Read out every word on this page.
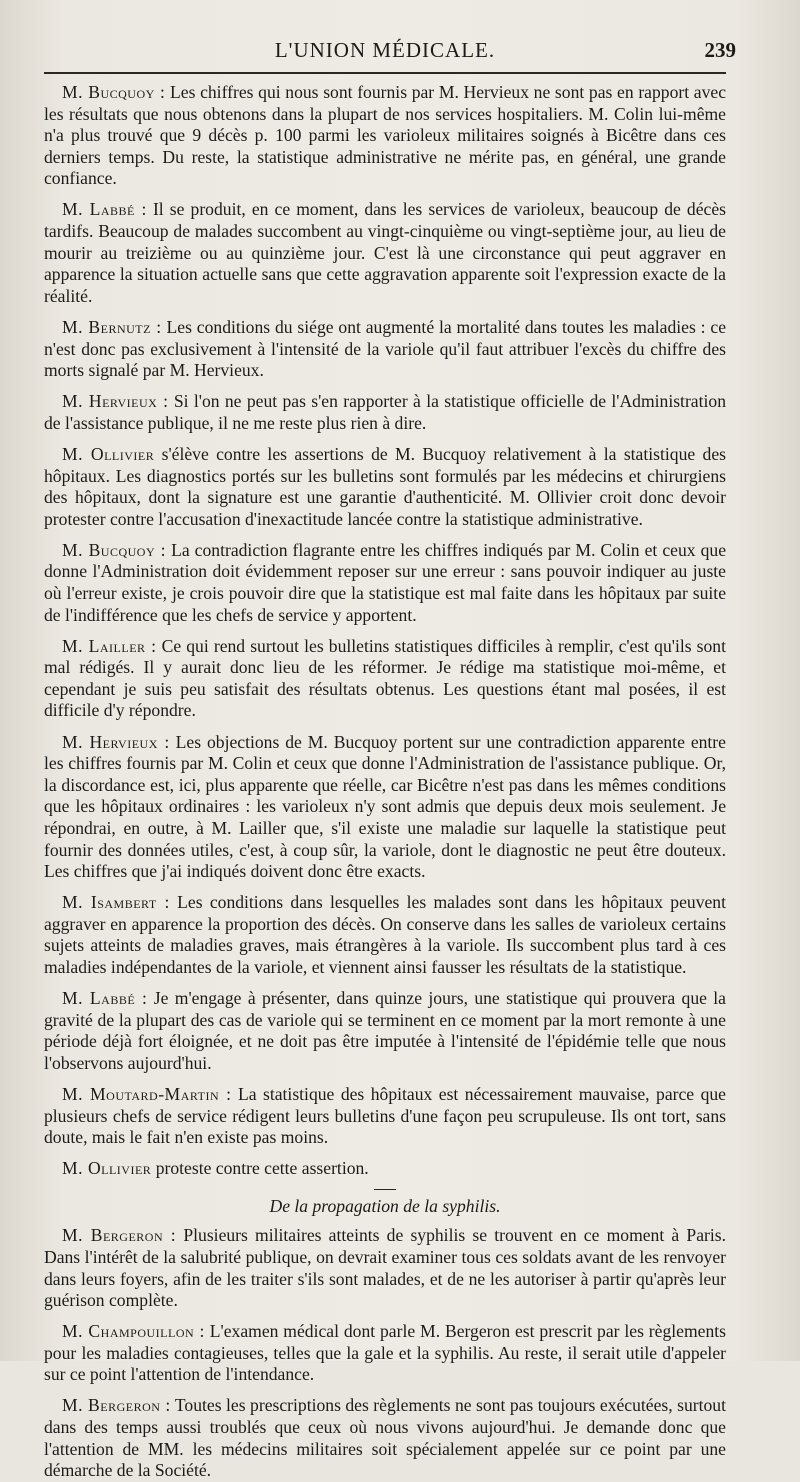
L'UNION MÉDICALE.	239

M. Bucquoy : Les chiffres qui nous sont fournis par M. Hervieux ne sont pas en rapport avec les résultats que nous obtenons dans la plupart de nos services hospitaliers. M. Colin lui-même n'a plus trouvé que 9 décès p. 100 parmi les varioleux militaires soignés à Bicêtre dans ces derniers temps. Du reste, la statistique administrative ne mérite pas, en général, une grande confiance.

M. Labbé : Il se produit, en ce moment, dans les services de varioleux, beaucoup de décès tardifs. Beaucoup de malades succombent au vingt-cinquième ou vingt-septième jour, au lieu de mourir au treizième ou au quinzième jour. C'est là une circonstance qui peut aggraver en apparence la situation actuelle sans que cette aggravation apparente soit l'expression exacte de la réalité.

M. Bernutz : Les conditions du siége ont augmenté la mortalité dans toutes les maladies : ce n'est donc pas exclusivement à l'intensité de la variole qu'il faut attribuer l'excès du chiffre des morts signalé par M. Hervieux.

M. Hervieux : Si l'on ne peut pas s'en rapporter à la statistique officielle de l'Administration de l'assistance publique, il ne me reste plus rien à dire.

M. Ollivier s'élève contre les assertions de M. Bucquoy relativement à la statistique des hôpitaux. Les diagnostics portés sur les bulletins sont formulés par les médecins et chirurgiens des hôpitaux, dont la signature est une garantie d'authenticité. M. Ollivier croit donc devoir protester contre l'accusation d'inexactitude lancée contre la statistique administrative.

M. Bucquoy : La contradiction flagrante entre les chiffres indiqués par M. Colin et ceux que donne l'Administration doit évidemment reposer sur une erreur : sans pouvoir indiquer au juste où l'erreur existe, je crois pouvoir dire que la statistique est mal faite dans les hôpitaux par suite de l'indifférence que les chefs de service y apportent.

M. Lailler : Ce qui rend surtout les bulletins statistiques difficiles à remplir, c'est qu'ils sont mal rédigés. Il y aurait donc lieu de les réformer. Je rédige ma statistique moi-même, et cependant je suis peu satisfait des résultats obtenus. Les questions étant mal posées, il est difficile d'y répondre.

M. Hervieux : Les objections de M. Bucquoy portent sur une contradiction apparente entre les chiffres fournis par M. Colin et ceux que donne l'Administration de l'assistance publique. Or, la discordance est, ici, plus apparente que réelle, car Bicêtre n'est pas dans les mêmes conditions que les hôpitaux ordinaires : les varioleux n'y sont admis que depuis deux mois seulement. Je répondrai, en outre, à M. Lailler que, s'il existe une maladie sur laquelle la statistique peut fournir des données utiles, c'est, à coup sûr, la variole, dont le diagnostic ne peut être douteux. Les chiffres que j'ai indiqués doivent donc être exacts.

M. Isambert : Les conditions dans lesquelles les malades sont dans les hôpitaux peuvent aggraver en apparence la proportion des décès. On conserve dans les salles de varioleux certains sujets atteints de maladies graves, mais étrangères à la variole. Ils succombent plus tard à ces maladies indépendantes de la variole, et viennent ainsi fausser les résultats de la statistique.

M. Labbé : Je m'engage à présenter, dans quinze jours, une statistique qui prouvera que la gravité de la plupart des cas de variole qui se terminent en ce moment par la mort remonte à une période déjà fort éloignée, et ne doit pas être imputée à l'intensité de l'épidémie telle que nous l'observons aujourd'hui.

M. Moutard-Martin : La statistique des hôpitaux est nécessairement mauvaise, parce que plusieurs chefs de service rédigent leurs bulletins d'une façon peu scrupuleuse. Ils ont tort, sans doute, mais le fait n'en existe pas moins.

M. Ollivier proteste contre cette assertion.

De la propagation de la syphilis.

M. Bergeron : Plusieurs militaires atteints de syphilis se trouvent en ce moment à Paris. Dans l'intérêt de la salubrité publique, on devrait examiner tous ces soldats avant de les renvoyer dans leurs foyers, afin de les traiter s'ils sont malades, et de ne les autoriser à partir qu'après leur guérison complète.

M. Champouillon : L'examen médical dont parle M. Bergeron est prescrit par les règlements pour les maladies contagieuses, telles que la gale et la syphilis. Au reste, il serait utile d'appeler sur ce point l'attention de l'intendance.

M. Bergeron : Toutes les prescriptions des règlements ne sont pas toujours exécutées, surtout dans des temps aussi troublés que ceux où nous vivons aujourd'hui. Je demande donc que l'attention de MM. les médecins militaires soit spécialement appelée sur ce point par une démarche de la Société.
